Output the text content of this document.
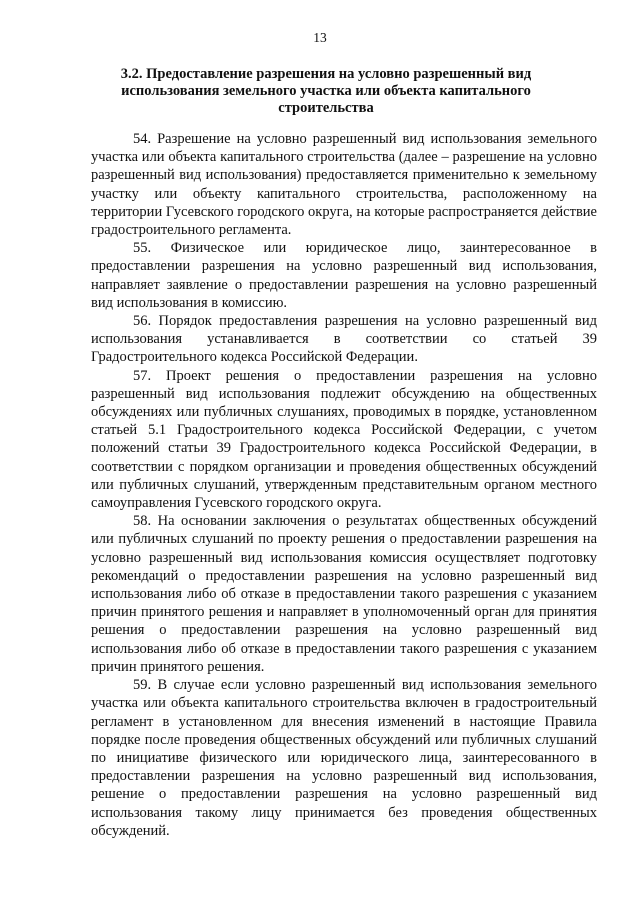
13
3.2. Предоставление разрешения на условно разрешенный вид использования земельного участка или объекта капитального строительства

54. Разрешение на условно разрешенный вид использования земельного участка или объекта капитального строительства (далее – разрешение на условно разрешенный вид использования) предоставляется применительно к земельному участку или объекту капитального строительства, расположенному на территории Гусевского городского округа, на которые распространяется действие градостроительного регламента.

55. Физическое или юридическое лицо, заинтересованное в предоставлении разрешения на условно разрешенный вид использования, направляет заявление о предоставлении разрешения на условно разрешенный вид использования в комиссию.

56. Порядок предоставления разрешения на условно разрешенный вид использования устанавливается в соответствии со статьей 39 Градостроительного кодекса Российской Федерации.

57. Проект решения о предоставлении разрешения на условно разрешенный вид использования подлежит обсуждению на общественных обсуждениях или публичных слушаниях, проводимых в порядке, установленном статьей 5.1 Градостроительного кодекса Российской Федерации, с учетом положений статьи 39 Градостроительного кодекса Российской Федерации, в соответствии с порядком организации и проведения общественных обсуждений или публичных слушаний, утвержденным представительным органом местного самоуправления Гусевского городского округа.

58. На основании заключения о результатах общественных обсуждений или публичных слушаний по проекту решения о предоставлении разрешения на условно разрешенный вид использования комиссия осуществляет подготовку рекомендаций о предоставлении разрешения на условно разрешенный вид использования либо об отказе в предоставлении такого разрешения с указанием причин принятого решения и направляет в уполномоченный орган для принятия решения о предоставлении разрешения на условно разрешенный вид использования либо об отказе в предоставлении такого разрешения с указанием причин принятого решения.

59. В случае если условно разрешенный вид использования земельного участка или объекта капитального строительства включен в градостроительный регламент в установленном для внесения изменений в настоящие Правила порядке после проведения общественных обсуждений или публичных слушаний по инициативе физического или юридического лица, заинтересованного в предоставлении разрешения на условно разрешенный вид использования, решение о предоставлении разрешения на условно разрешенный вид использования такому лицу принимается без проведения общественных обсуждений.
